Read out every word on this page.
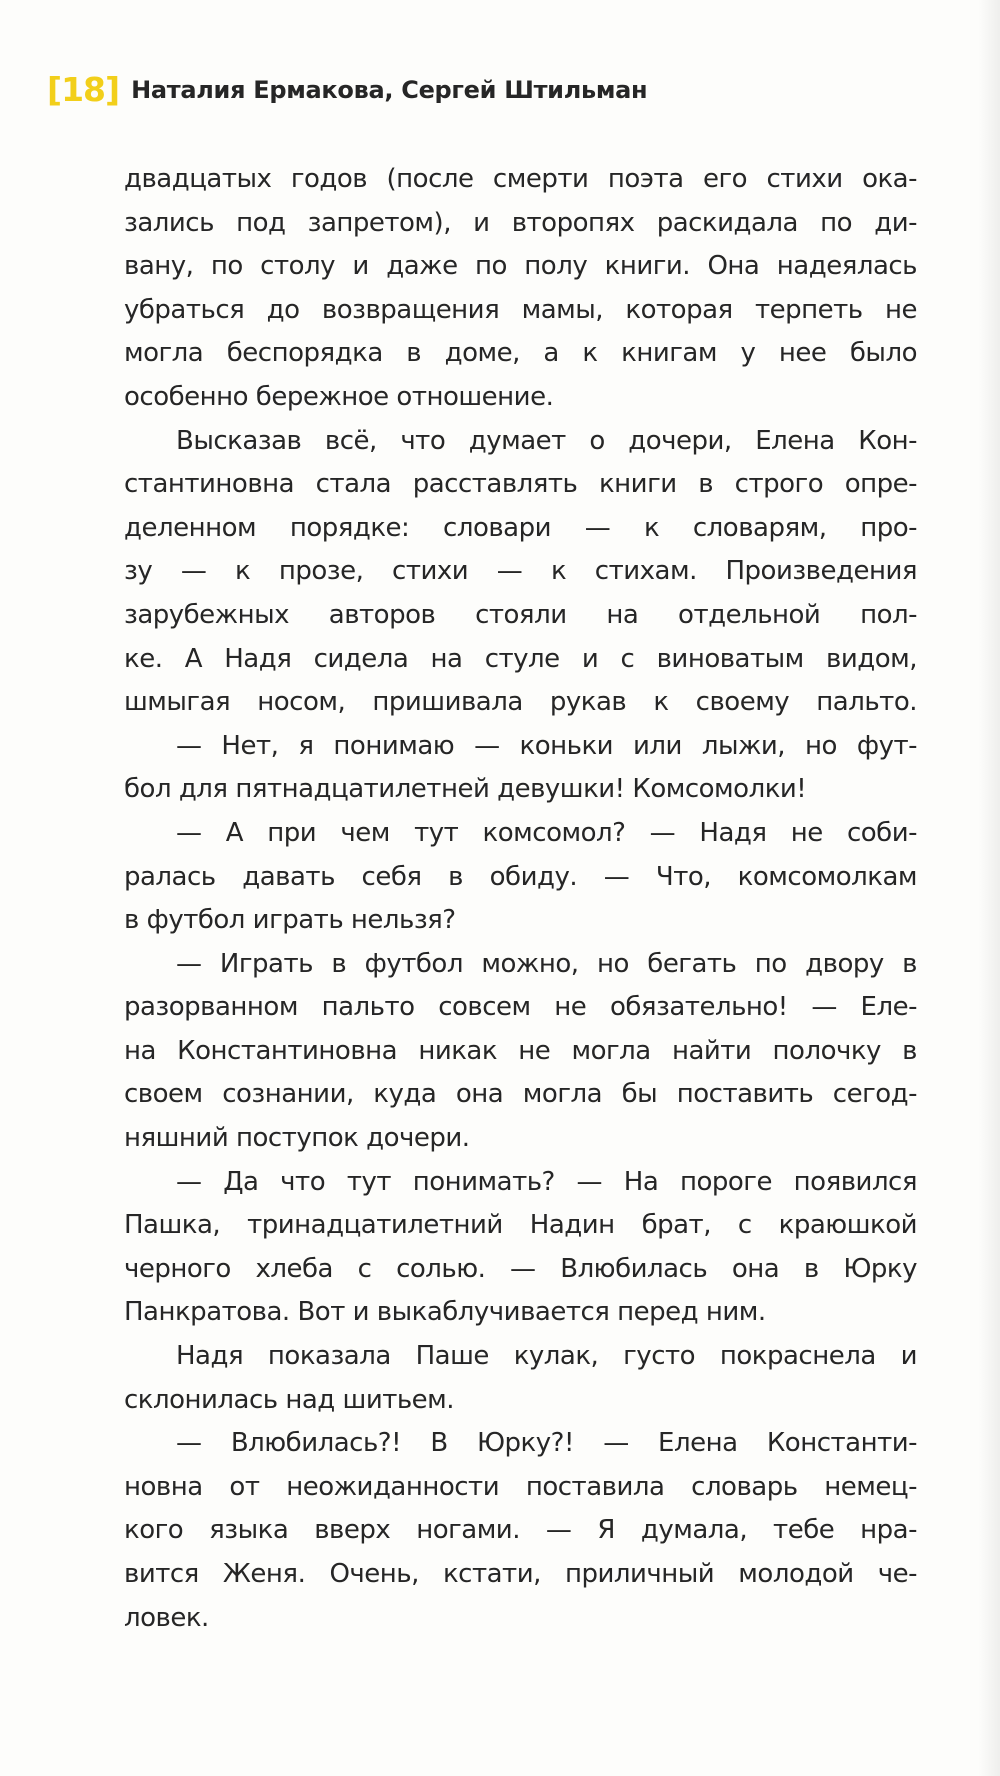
[18] Наталия Ермакова, Сергей Штильман
двадцатых годов (после смерти поэта его стихи ока-
зались под запретом), и второпях раскидала по ди-
вану, по столу и даже по полу книги. Она надеялась
убраться до возвращения мамы, которая терпеть не
могла беспорядка в доме, а к книгам у нее было
особенно бережное отношение.
Высказав всё, что думает о дочери, Елена Кон-
стантиновна стала расставлять книги в строго опре-
деленном порядке: словари — к словарям, про-
зу — к прозе, стихи — к стихам. Произведения
зарубежных авторов стояли на отдельной пол-
ке. А Надя сидела на стуле и с виноватым видом,
шмыгая носом, пришивала рукав к своему пальто.
— Нет, я понимаю — коньки или лыжи, но фут-
бол для пятнадцатилетней девушки! Комсомолки!
— А при чем тут комсомол? — Надя не соби-
ралась давать себя в обиду. — Что, комсомолкам
в футбол играть нельзя?
— Играть в футбол можно, но бегать по двору в
разорванном пальто совсем не обязательно! — Еле-
на Константиновна никак не могла найти полочку в
своем сознании, куда она могла бы поставить сегод-
няшний поступок дочери.
— Да что тут понимать? — На пороге появился
Пашка, тринадцатилетний Надин брат, с краюшкой
черного хлеба с солью. — Влюбилась она в Юрку
Панкратова. Вот и выкаблучивается перед ним.
Надя показала Паше кулак, густо покраснела и
склонилась над шитьем.
— Влюбилась?! В Юрку?! — Елена Константи-
новна от неожиданности поставила словарь немец-
кого языка вверх ногами. — Я думала, тебе нра-
вится Женя. Очень, кстати, приличный молодой че-
ловек.
